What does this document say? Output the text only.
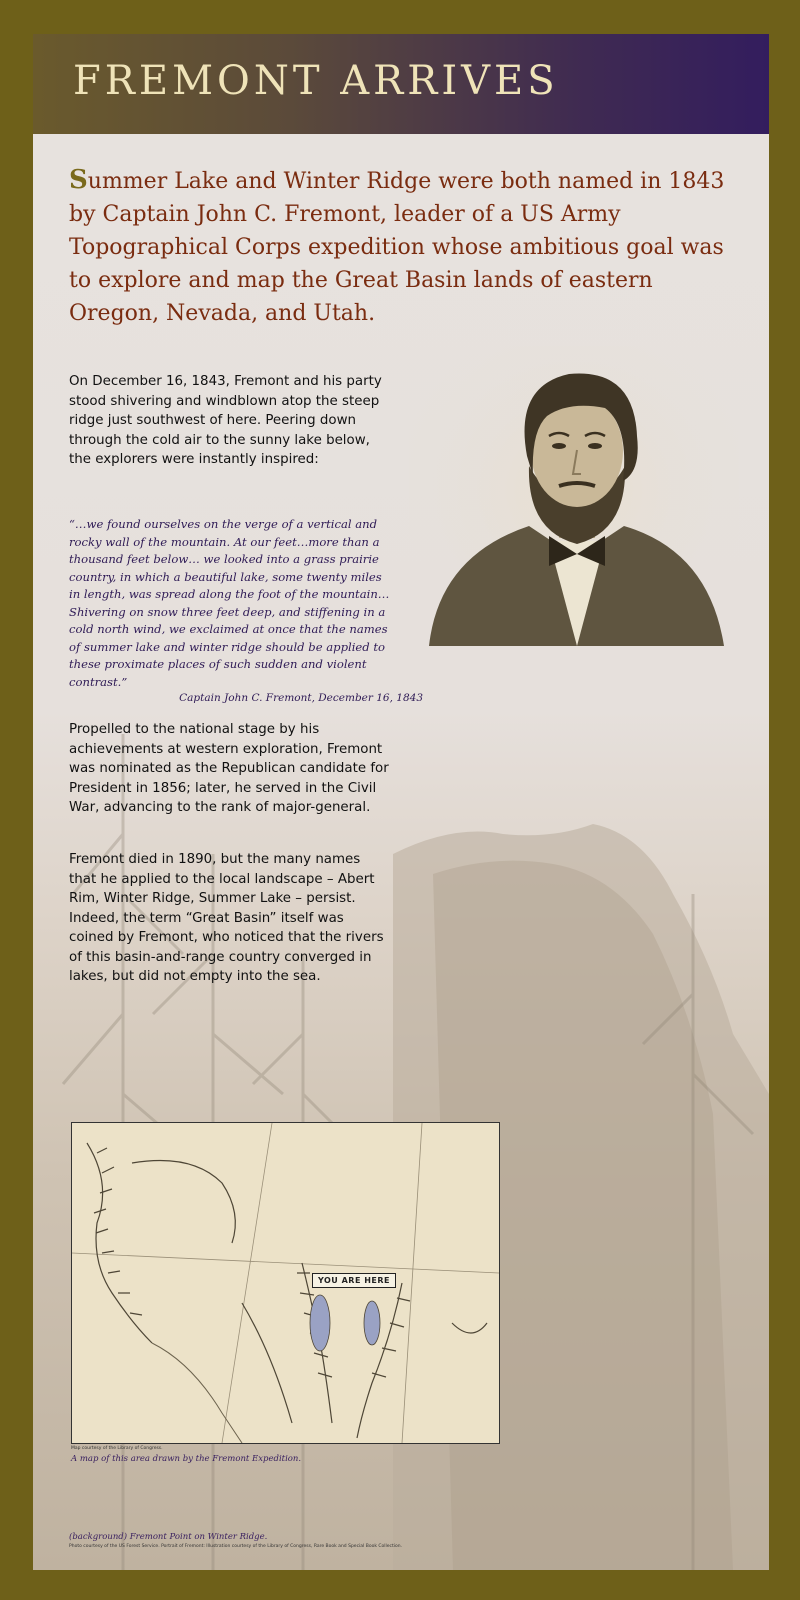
FREMONT ARRIVES

Summer Lake and Winter Ridge were both named in 1843 by Captain John C. Fremont, leader of a US Army Topographical Corps expedition whose ambitious goal was to explore and map the Great Basin lands of eastern Oregon, Nevada, and Utah.

On December 16, 1843, Fremont and his party stood shivering and windblown atop the steep ridge just southwest of here. Peering down through the cold air to the sunny lake below, the explorers were instantly inspired:

“…we found ourselves on the verge of a vertical and rocky wall of the mountain. At our feet…more than a thousand feet below… we looked into a grass prairie country, in which a beautiful lake, some twenty miles in length, was spread along the foot of the mountain… Shivering on snow three feet deep, and stiffening in a cold north wind, we exclaimed at once that the names of summer lake and winter ridge should be applied to these proximate places of such sudden and violent contrast.”

Captain John C. Fremont, December 16, 1843

Propelled to the national stage by his achievements at western exploration, Fremont was nominated as the Republican candidate for President in 1856; later, he served in the Civil War, advancing to the rank of major-general.

Fremont died in 1890, but the many names that he applied to the local landscape – Abert Rim, Winter Ridge, Summer Lake – persist. Indeed, the term “Great Basin” itself was coined by Fremont, who noticed that the rivers of this basin-and-range country converged in lakes, but did not empty into the sea.

YOU ARE HERE

Map courtesy of the Library of Congress.

A map of this area drawn by the Fremont Expedition.

(background) Fremont Point on Winter Ridge.

Photo courtesy of the US Forest Service. Portrait of Fremont: Illustration courtesy of the Library of Congress, Rare Book and Special Book Collection.
